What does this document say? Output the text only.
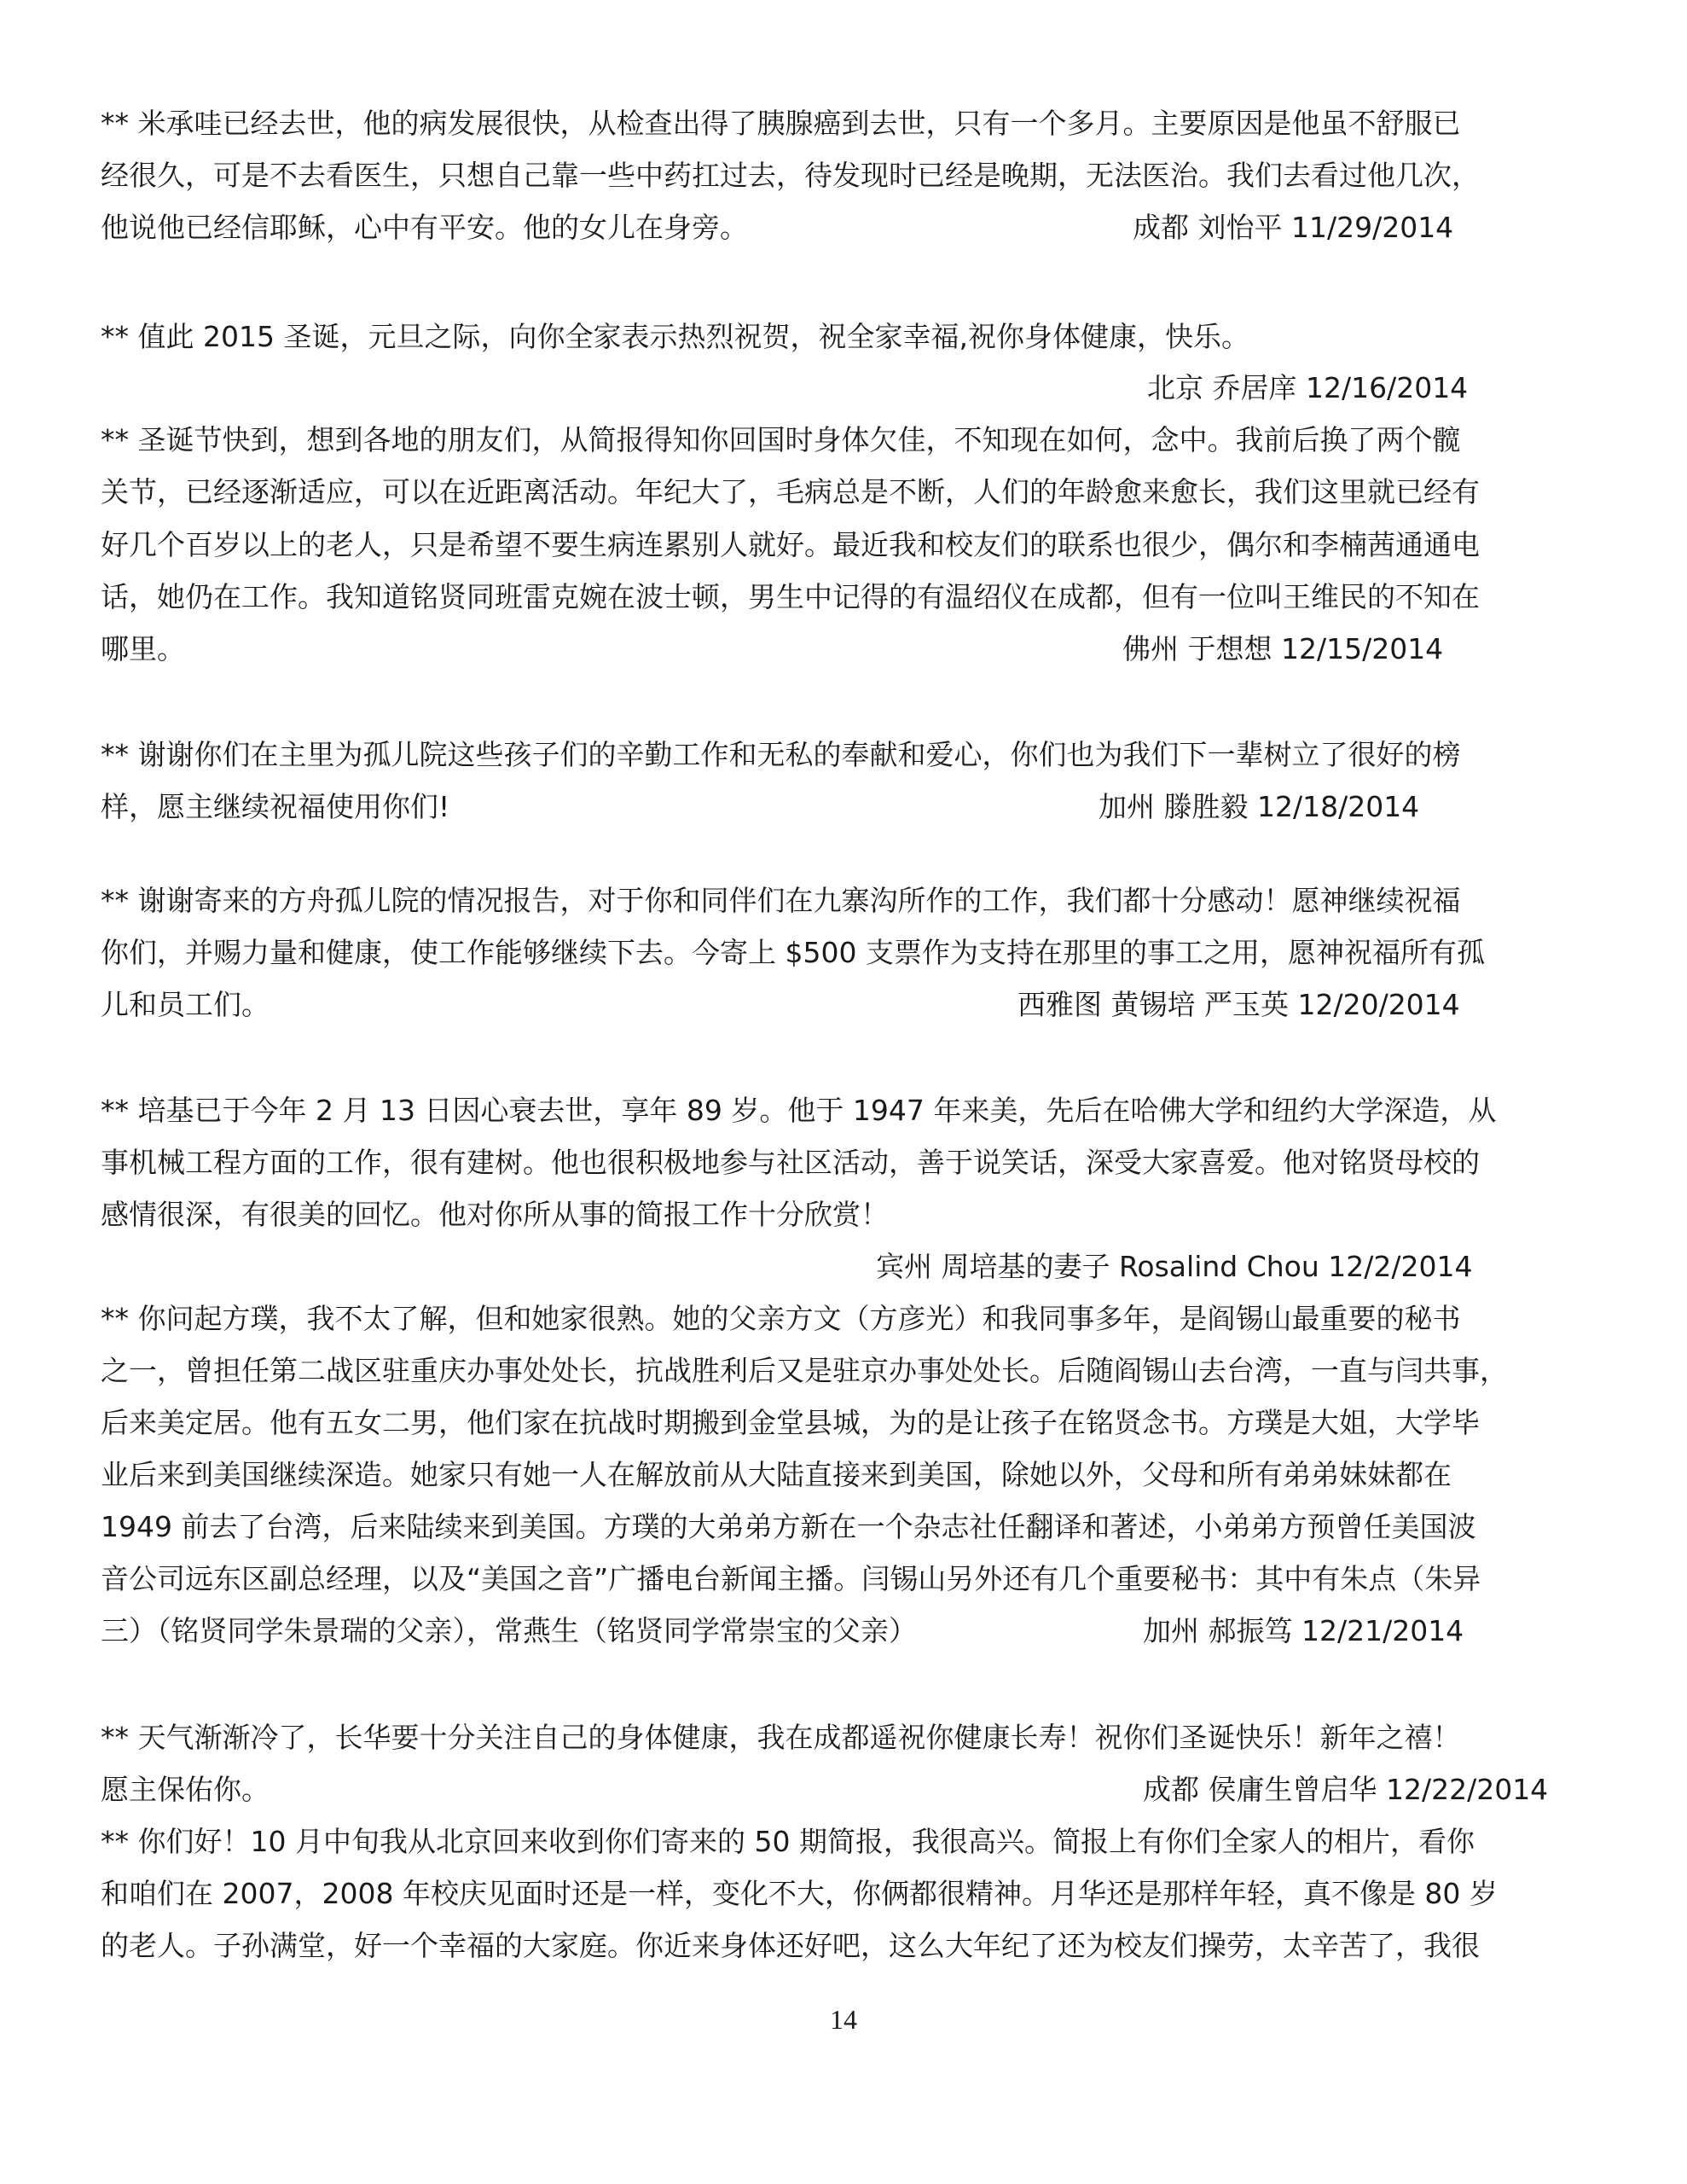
** 米承哇已经去世，他的病发展很快，从检查出得了胰腺癌到去世，只有一个多月。主要原因是他虽不舒服已
经很久，可是不去看医生，只想自己靠一些中药扛过去，待发现时已经是晚期，无法医治。我们去看过他几次，
他说他已经信耶稣，心中有平安。他的女儿在身旁。	成都 刘怡平 11/29/2014
** 值此 2015 圣诞，元旦之际，向你全家表示热烈祝贺，祝全家幸福,祝你身体健康，快乐。
北京 乔居庠 12/16/2014
** 圣诞节快到，想到各地的朋友们，从简报得知你回国时身体欠佳，不知现在如何，念中。我前后换了两个髋
关节，已经逐渐适应，可以在近距离活动。年纪大了，毛病总是不断，人们的年龄愈来愈长，我们这里就已经有
好几个百岁以上的老人，只是希望不要生病连累别人就好。最近我和校友们的联系也很少，偶尔和李楠茜通通电
话，她仍在工作。我知道铭贤同班雷克婉在波士顿，男生中记得的有温绍仪在成都，但有一位叫王维民的不知在
哪里。	佛州 于想想 12/15/2014
** 谢谢你们在主里为孤儿院这些孩子们的辛勤工作和无私的奉献和爱心，你们也为我们下一辈树立了很好的榜
样，愿主继续祝福使用你们!	加州 滕胜毅 12/18/2014
** 谢谢寄来的方舟孤儿院的情况报告，对于你和同伴们在九寨沟所作的工作，我们都十分感动！愿神继续祝福
你们，并赐力量和健康，使工作能够继续下去。今寄上 $500 支票作为支持在那里的事工之用，愿神祝福所有孤
儿和员工们。	西雅图 黄锡培 严玉英 12/20/2014
** 培基已于今年 2 月 13 日因心衰去世，享年 89 岁。他于 1947 年来美，先后在哈佛大学和纽约大学深造，从
事机械工程方面的工作，很有建树。他也很积极地参与社区活动，善于说笑话，深受大家喜爱。他对铭贤母校的
感情很深，有很美的回忆。他对你所从事的简报工作十分欣赏！
宾州 周培基的妻子 Rosalind Chou 12/2/2014
** 你问起方璞，我不太了解，但和她家很熟。她的父亲方文（方彦光）和我同事多年，是阎锡山最重要的秘书
之一，曾担任第二战区驻重庆办事处处长，抗战胜利后又是驻京办事处处长。后随阎锡山去台湾，一直与闫共事，
后来美定居。他有五女二男，他们家在抗战时期搬到金堂县城，为的是让孩子在铭贤念书。方璞是大姐，大学毕
业后来到美国继续深造。她家只有她一人在解放前从大陆直接来到美国，除她以外，父母和所有弟弟妹妹都在
1949 前去了台湾，后来陆续来到美国。方璞的大弟弟方新在一个杂志社任翻译和著述，小弟弟方预曾任美国波
音公司远东区副总经理，以及“美国之音”广播电台新闻主播。闫锡山另外还有几个重要秘书：其中有朱点（朱异
三）（铭贤同学朱景瑞的父亲），常燕生（铭贤同学常崇宝的父亲）	加州 郝振笃 12/21/2014
** 天气渐渐冷了，长华要十分关注自己的身体健康，我在成都遥祝你健康长寿！祝你们圣诞快乐！新年之禧！
愿主保佑你。	成都 侯庸生曾启华 12/22/2014
** 你们好！10 月中旬我从北京回来收到你们寄来的 50 期简报，我很高兴。简报上有你们全家人的相片，看你
和咱们在 2007，2008 年校庆见面时还是一样，变化不大，你俩都很精神。月华还是那样年轻，真不像是 80 岁
的老人。子孙满堂，好一个幸福的大家庭。你近来身体还好吧，这么大年纪了还为校友们操劳，太辛苦了，我很
14
